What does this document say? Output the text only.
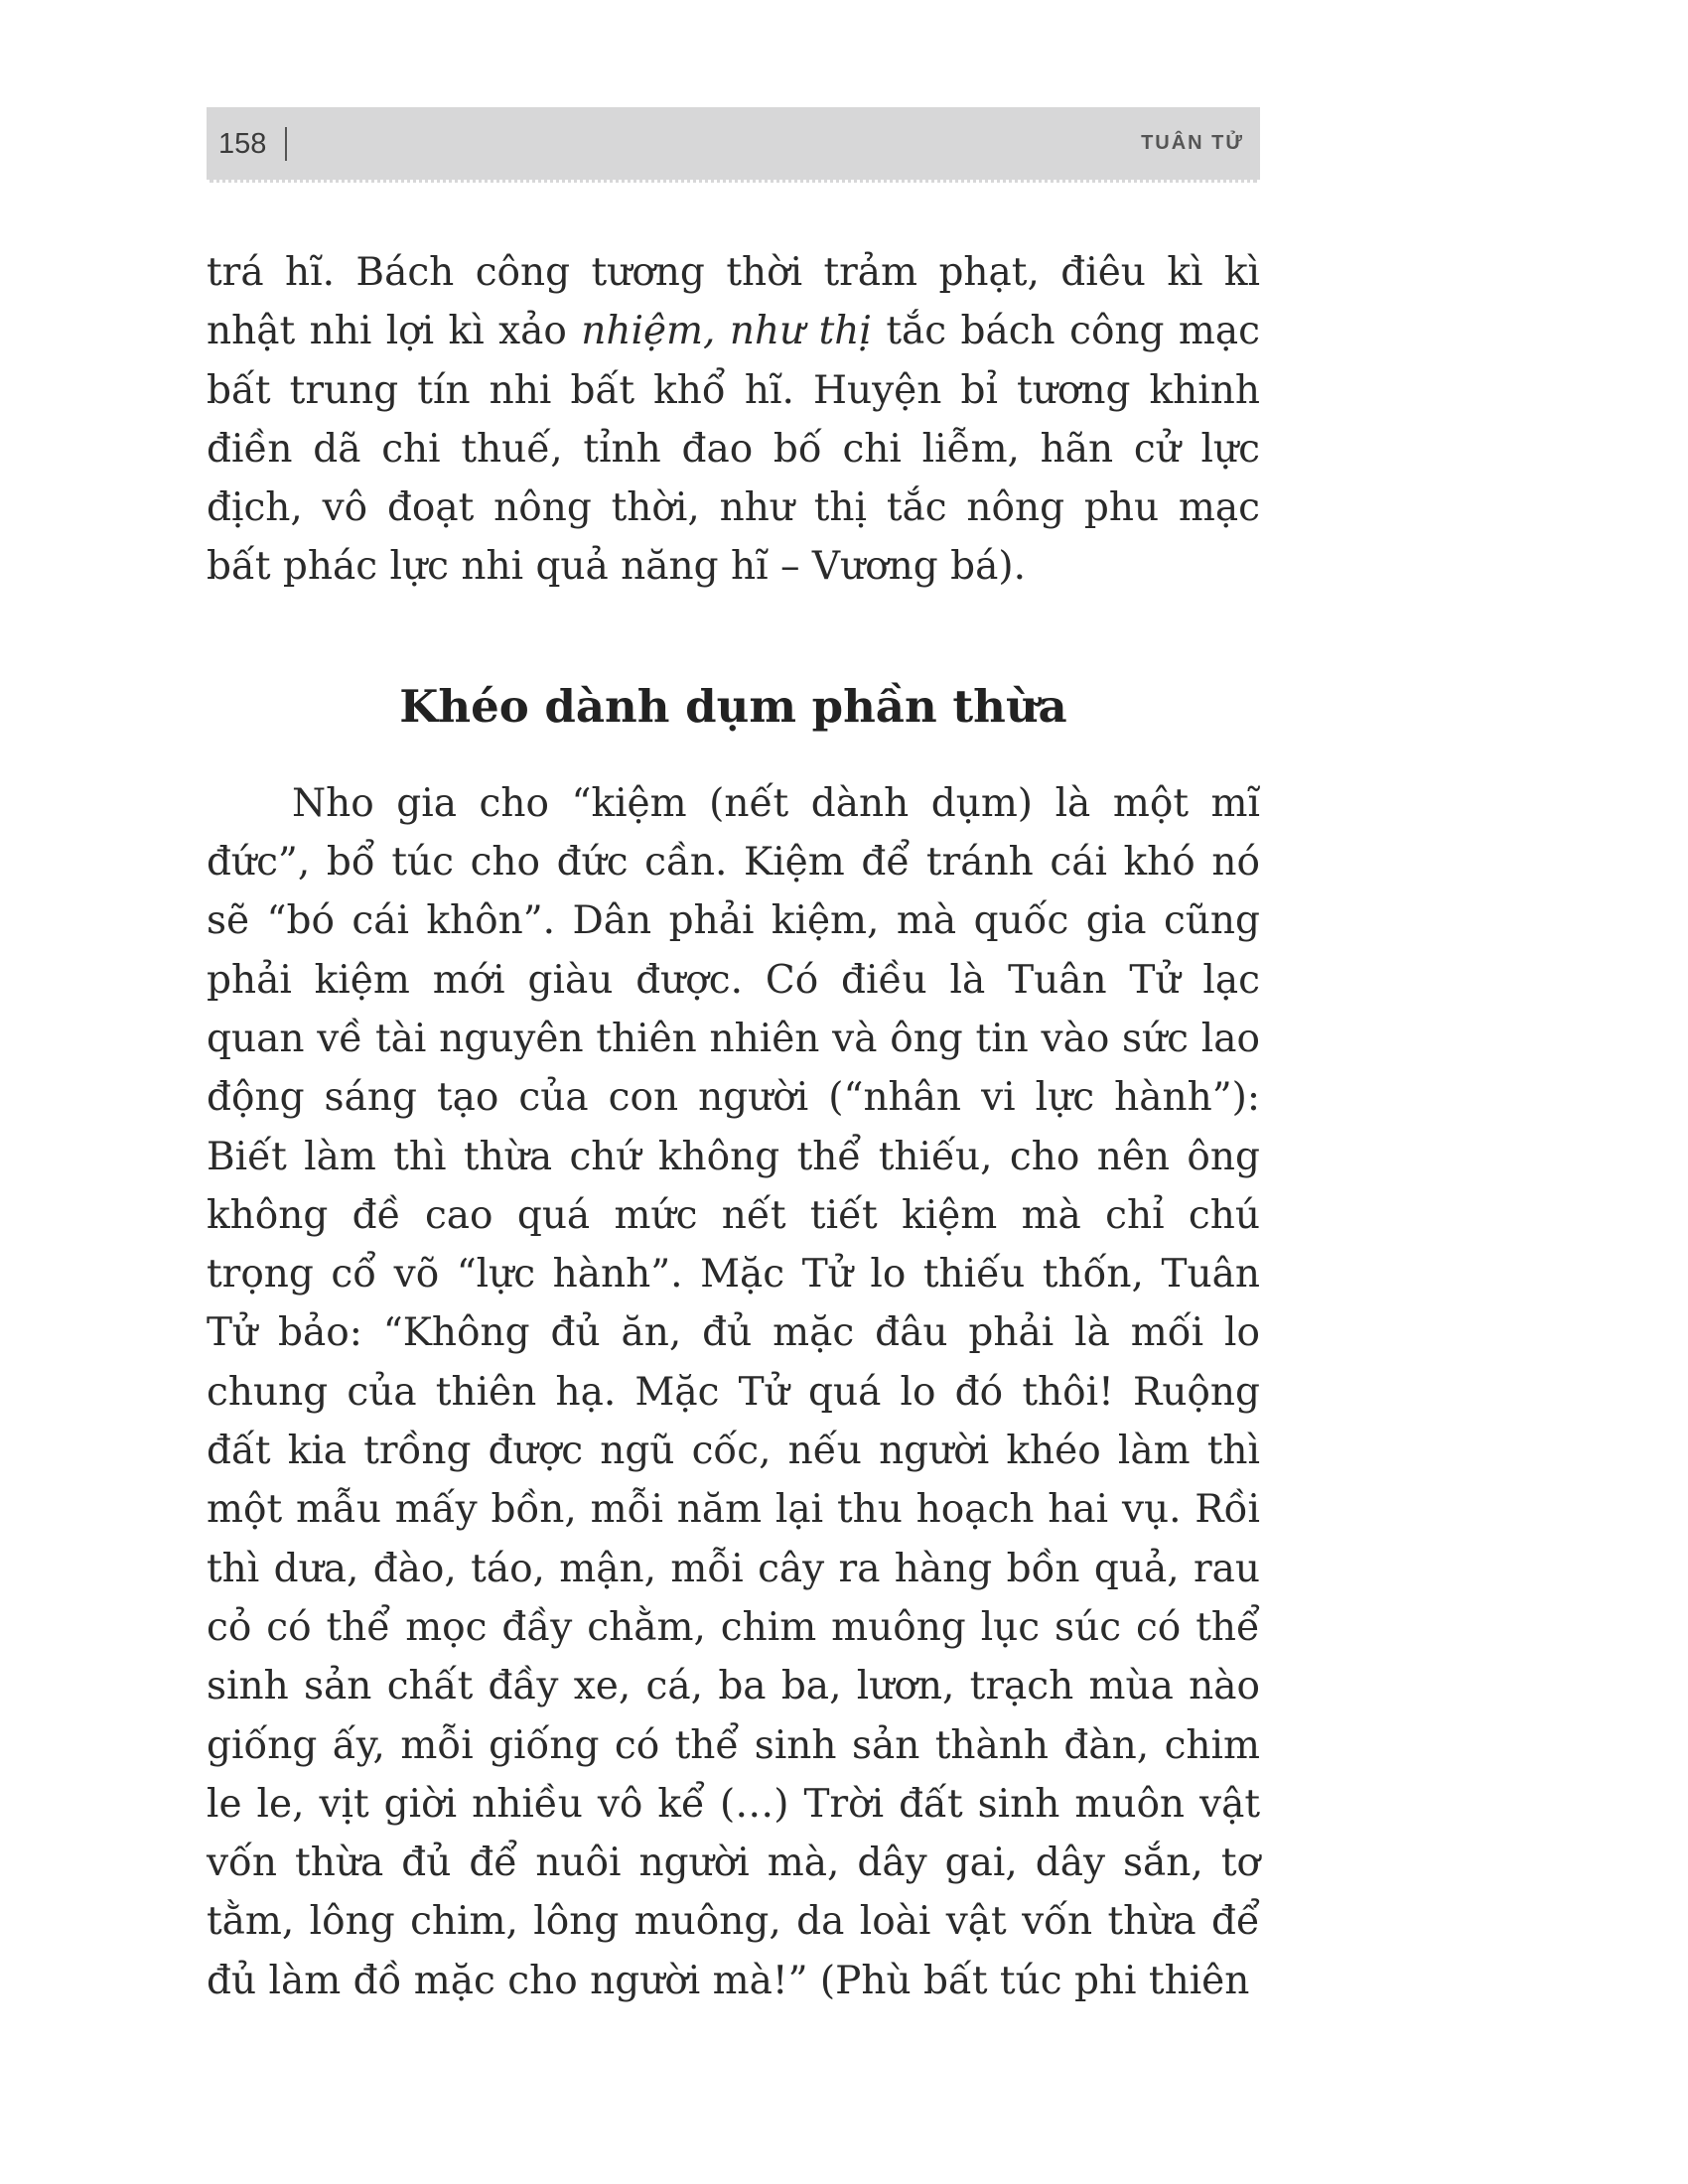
158	TUÂN TỬ

trá hĩ. Bách công tương thời trảm phạt, điêu kì kì nhật nhi lợi kì xảo nhiệm, như thị tắc bách công mạc bất trung tín nhi bất khổ hĩ. Huyện bỉ tương khinh điền dã chi thuế, tỉnh đao bố chi liễm, hãn cử lực địch, vô đoạt nông thời, như thị tắc nông phu mạc bất phác lực nhi quả năng hĩ – Vương bá).

Khéo dành dụm phần thừa

Nho gia cho “kiệm (nết dành dụm) là một mĩ đức”, bổ túc cho đức cần. Kiệm để tránh cái khó nó sẽ “bó cái khôn”. Dân phải kiệm, mà quốc gia cũng phải kiệm mới giàu được. Có điều là Tuân Tử lạc quan về tài nguyên thiên nhiên và ông tin vào sức lao động sáng tạo của con người (“nhân vi lực hành”): Biết làm thì thừa chứ không thể thiếu, cho nên ông không đề cao quá mức nết tiết kiệm mà chỉ chú trọng cổ võ “lực hành”. Mặc Tử lo thiếu thốn, Tuân Tử bảo: “Không đủ ăn, đủ mặc đâu phải là mối lo chung của thiên hạ. Mặc Tử quá lo đó thôi! Ruộng đất kia trồng được ngũ cốc, nếu người khéo làm thì một mẫu mấy bồn, mỗi năm lại thu hoạch hai vụ. Rồi thì dưa, đào, táo, mận, mỗi cây ra hàng bồn quả, rau cỏ có thể mọc đầy chằm, chim muông lục súc có thể sinh sản chất đầy xe, cá, ba ba, lươn, trạch mùa nào giống ấy, mỗi giống có thể sinh sản thành đàn, chim le le, vịt giời nhiều vô kể (…) Trời đất sinh muôn vật vốn thừa đủ để nuôi người mà, dây gai, dây sắn, tơ tằm, lông chim, lông muông, da loài vật vốn thừa để đủ làm đồ mặc cho người mà!” (Phù bất túc phi thiên
